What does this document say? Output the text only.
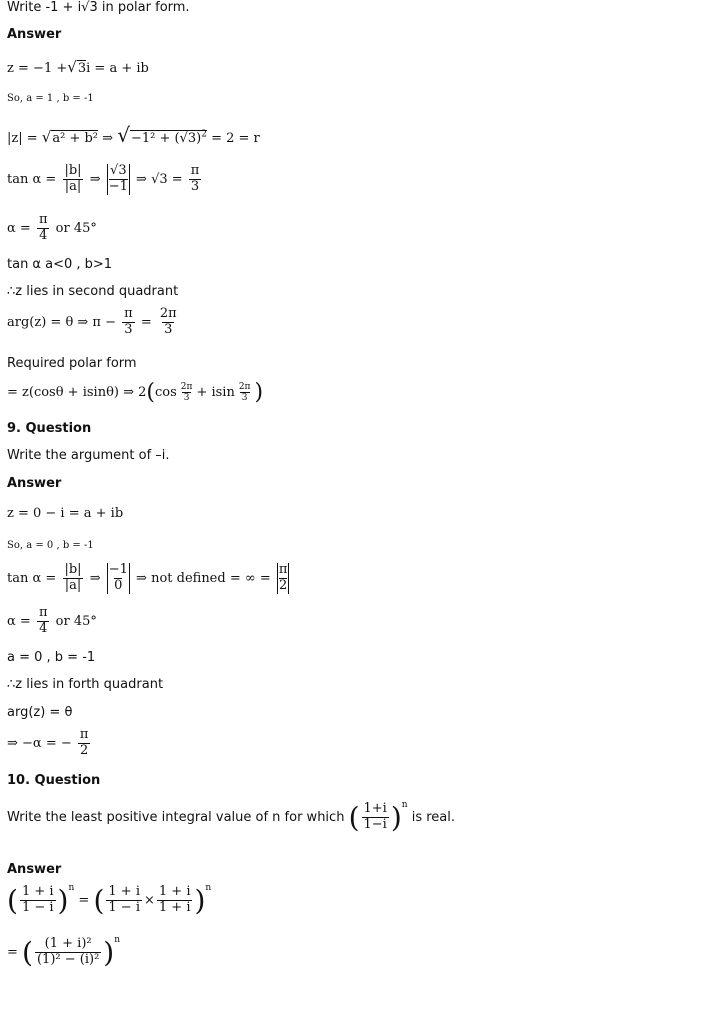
Write -1 + i√3 in polar form.
Answer
z = −1 +√3i = a + ib
So, a = 1 , b = -1
|z| = √a² + b² ⇒ $√-1^2 + (√3)^2 = 2 = r$
$\tan \alpha = \frac{|b|}{|a|}$ ⇒ $\frac{√3}{-1}$ ⇒ $√3 = \frac{\pi}{3}$
$\alpha = \frac{\pi}{4}$ or 45°
tan α a<0 , b>1
∴z lies in second quadrant
arg(z) = θ ⇒ $\pi - \frac{\pi}{3} = \frac{2\pi}{3}$
Required polar form
= z(cosθ + isinθ) ⇒ $2(\cos \frac{2\pi}{3} + isin \frac{2\pi}{3}$ )
9. Question
Write the argument of –i.
Answer
z = 0 − i = a + ib
So, a = 0 , b = -1
$\tan \alpha = \frac{|b|}{|a|}$ ⇒ $\frac{-1}{0}$ ⇒ not defined = ∞ = $\frac{\pi}{2}$
$\alpha = \frac{\pi}{4}$ or 45°
a = 0 , b = -1
∴z lies in forth quadrant
arg(z) = θ
⇒ −α = − $\frac{\pi}{2}$
10. Question
Write the least positive integral value of n for which ( $\frac{1+i}{1-i} )^n$ is real.
Answer
( $\frac{1 + i}{1 - i} )^n$ = ( $\frac{1 + i}{1 - i} \times \frac{1 + i}{1 + i} )^n$
= ( $\frac{\text{(1 + i)²}}{\text{(1)² − (i)²}} )^n$
